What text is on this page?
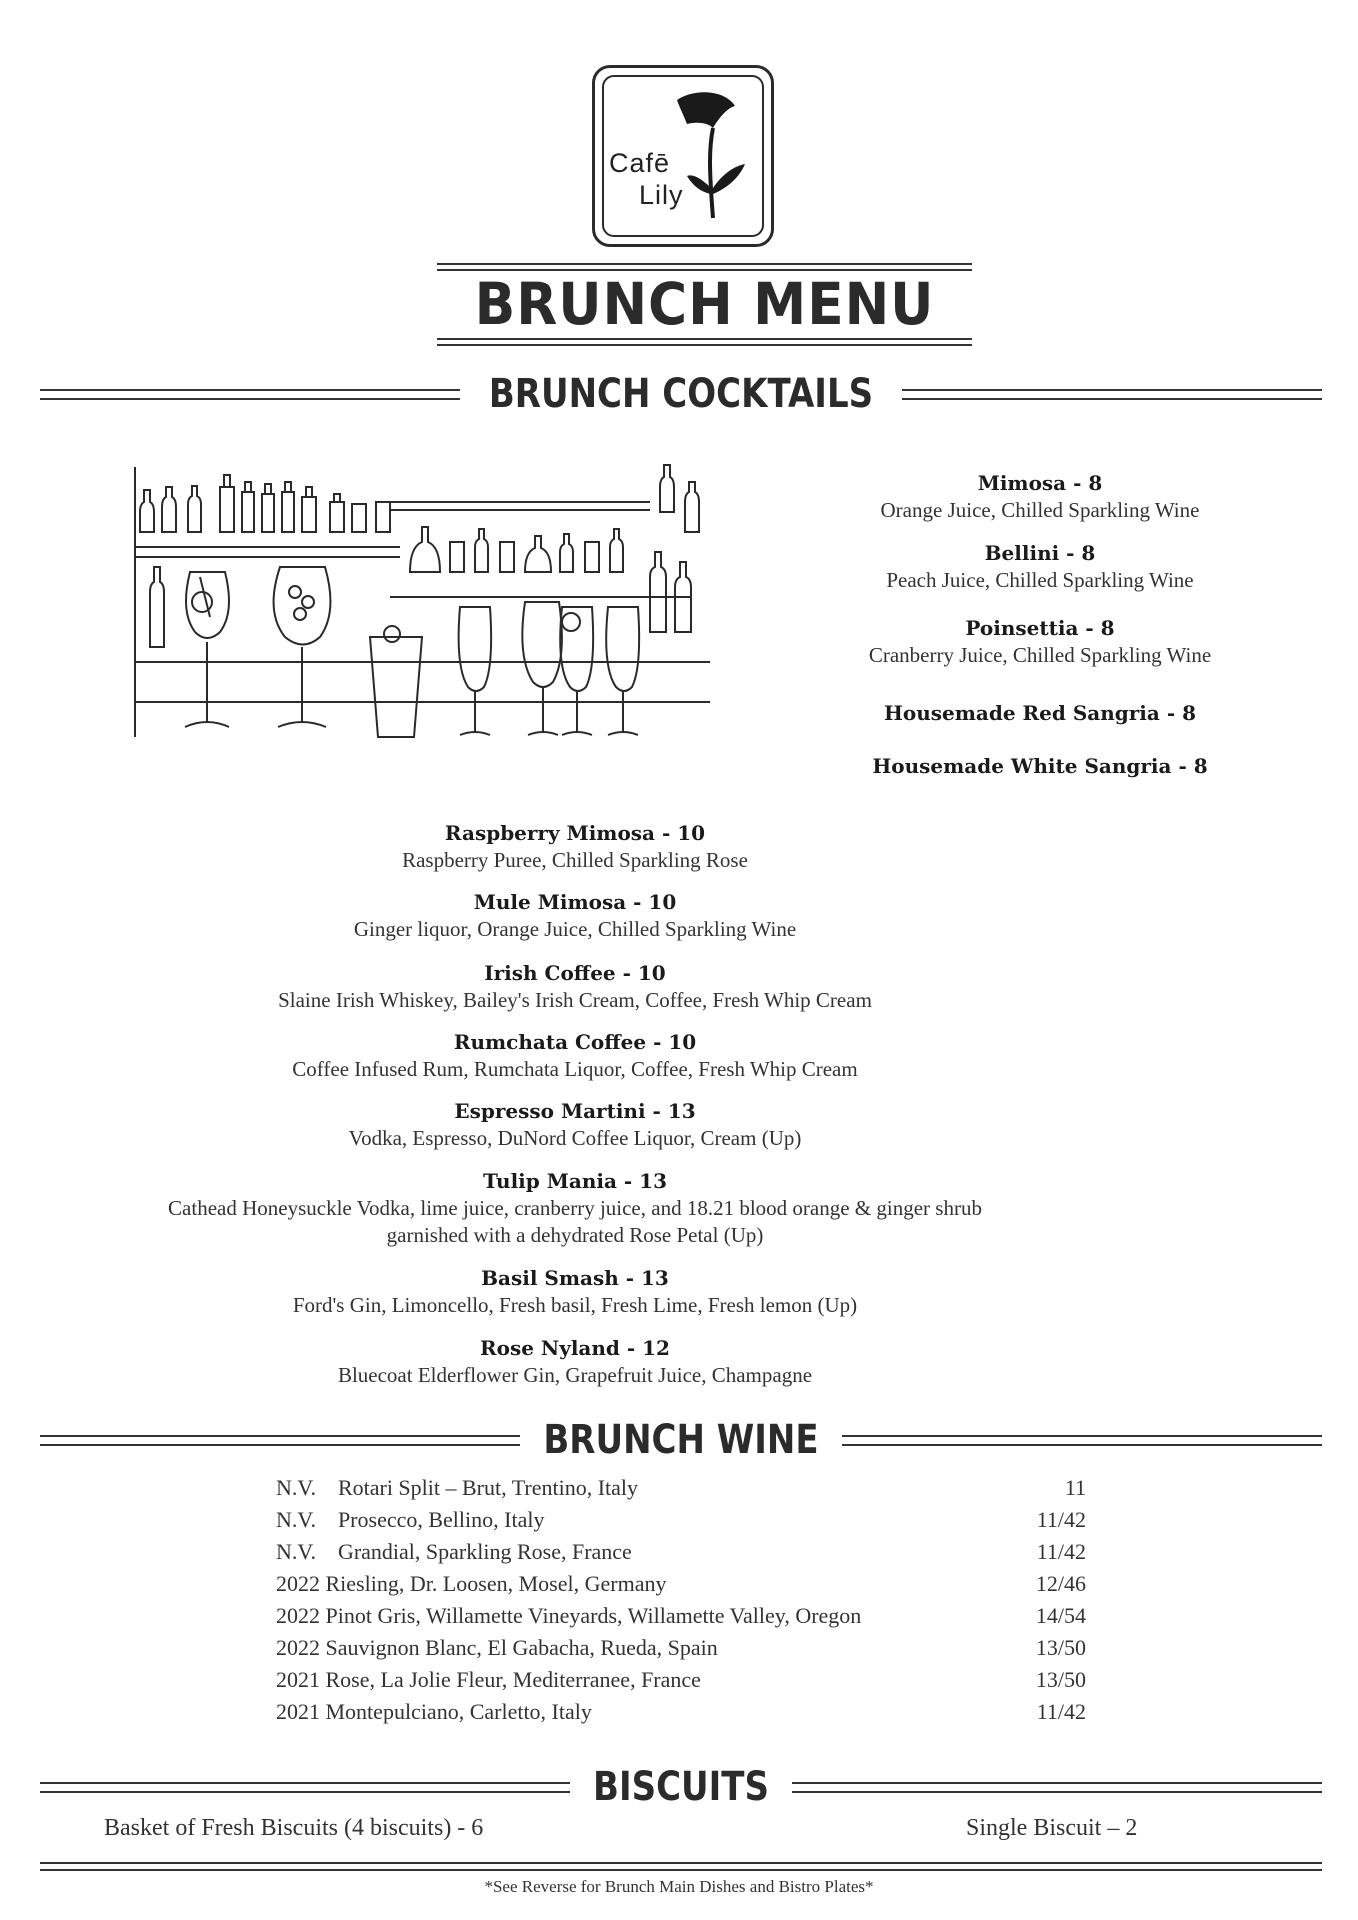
Cafē
Lily
BRUNCH MENU
BRUNCH COCKTAILS
Mimosa - 8
Orange Juice, Chilled Sparkling Wine
Bellini - 8
Peach Juice, Chilled Sparkling Wine
Poinsettia - 8
Cranberry Juice, Chilled Sparkling Wine
Housemade Red Sangria - 8
Housemade White Sangria - 8
Raspberry Mimosa - 10
Raspberry Puree, Chilled Sparkling Rose
Mule Mimosa - 10
Ginger liquor, Orange Juice, Chilled Sparkling Wine
Irish Coffee - 10
Slaine Irish Whiskey, Bailey's Irish Cream, Coffee, Fresh Whip Cream
Rumchata Coffee - 10
Coffee Infused Rum, Rumchata Liquor, Coffee, Fresh Whip Cream
Espresso Martini - 13
Vodka, Espresso, DuNord Coffee Liquor, Cream (Up)
Tulip Mania - 13
Cathead Honeysuckle Vodka, lime juice, cranberry juice, and 18.21 blood orange & ginger shrub
garnished with a dehydrated Rose Petal (Up)
Basil Smash - 13
Ford's Gin, Limoncello, Fresh basil, Fresh Lime, Fresh lemon (Up)
Rose Nyland - 12
Bluecoat Elderflower Gin, Grapefruit Juice, Champagne
BRUNCH WINE
N.V.    Rotari Split – Brut, Trentino, Italy	11
N.V.    Prosecco, Bellino, Italy	11/42
N.V.    Grandial, Sparkling Rose, France	11/42
2022 Riesling, Dr. Loosen, Mosel, Germany	12/46
2022 Pinot Gris, Willamette Vineyards, Willamette Valley, Oregon	14/54
2022 Sauvignon Blanc, El Gabacha, Rueda, Spain	13/50
2021 Rose, La Jolie Fleur, Mediterranee, France	13/50
2021 Montepulciano, Carletto, Italy	11/42
BISCUITS
Basket of Fresh Biscuits (4 biscuits) - 6	Single Biscuit – 2
*See Reverse for Brunch Main Dishes and Bistro Plates*
